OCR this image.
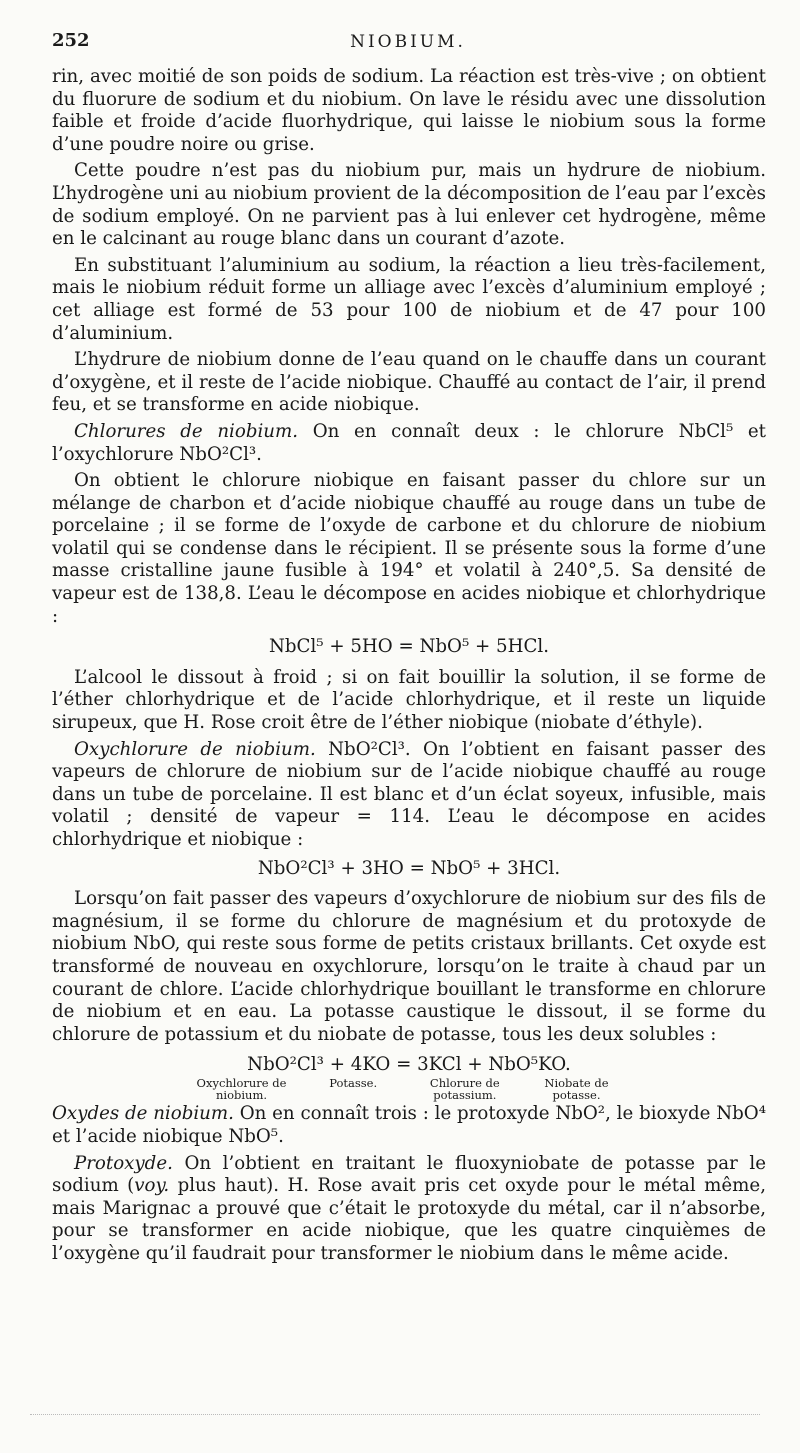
252	NIOBIUM.

rin, avec moitié de son poids de sodium. La réaction est très-vive ; on obtient du fluorure de sodium et du niobium. On lave le résidu avec une dissolution faible et froide d’acide fluorhydrique, qui laisse le niobium sous la forme d’une poudre noire ou grise.

Cette poudre n’est pas du niobium pur, mais un hydrure de niobium. L’hydrogène uni au niobium provient de la décomposition de l’eau par l’excès de sodium employé. On ne parvient pas à lui enlever cet hydrogène, même en le calcinant au rouge blanc dans un courant d’azote.

En substituant l’aluminium au sodium, la réaction a lieu très-facilement, mais le niobium réduit forme un alliage avec l’excès d’aluminium employé ; cet alliage est formé de 53 pour 100 de niobium et de 47 pour 100 d’aluminium.

L’hydrure de niobium donne de l’eau quand on le chauffe dans un courant d’oxygène, et il reste de l’acide niobique. Chauffé au contact de l’air, il prend feu, et se transforme en acide niobique.

Chlorures de niobium. On en connaît deux : le chlorure NbCl⁵ et l’oxychlorure NbO²Cl³.

On obtient le chlorure niobique en faisant passer du chlore sur un mélange de charbon et d’acide niobique chauffé au rouge dans un tube de porcelaine ; il se forme de l’oxyde de carbone et du chlorure de niobium volatil qui se condense dans le récipient. Il se présente sous la forme d’une masse cristalline jaune fusible à 194° et volatil à 240°,5. Sa densité de vapeur est de 138,8. L’eau le décompose en acides niobique et chlorhydrique :

NbCl⁵ + 5HO = NbO⁵ + 5HCl.

L’alcool le dissout à froid ; si on fait bouillir la solution, il se forme de l’éther chlorhydrique et de l’acide chlorhydrique, et il reste un liquide sirupeux, que H. Rose croit être de l’éther niobique (niobate d’éthyle).

Oxychlorure de niobium. NbO²Cl³. On l’obtient en faisant passer des vapeurs de chlorure de niobium sur de l’acide niobique chauffé au rouge dans un tube de porcelaine. Il est blanc et d’un éclat soyeux, infusible, mais volatil ; densité de vapeur = 114. L’eau le décompose en acides chlorhydrique et niobique :

NbO²Cl³ + 3HO = NbO⁵ + 3HCl.

Lorsqu’on fait passer des vapeurs d’oxychlorure de niobium sur des fils de magnésium, il se forme du chlorure de magnésium et du protoxyde de niobium NbO, qui reste sous forme de petits cristaux brillants. Cet oxyde est transformé de nouveau en oxychlorure, lorsqu’on le traite à chaud par un courant de chlore. L’acide chlorhydrique bouillant le transforme en chlorure de niobium et en eau. La potasse caustique le dissout, il se forme du chlorure de potassium et du niobate de potasse, tous les deux solubles :

NbO²Cl³ + 4KO = 3KCl + NbO⁵KO.
Oxychlorure de niobium.
Potasse.	Chlorure de potassium.
Niobate de potasse.

Oxydes de niobium. On en connaît trois : le protoxyde NbO², le bioxyde NbO⁴ et l’acide niobique NbO⁵.

Protoxyde. On l’obtient en traitant le fluoxyniobate de potasse par le sodium (voy. plus haut). H. Rose avait pris cet oxyde pour le métal même, mais Marignac a prouvé que c’était le protoxyde du métal, car il n’absorbe, pour se transformer en acide niobique, que les quatre cinquièmes de l’oxygène qu’il faudrait pour transformer le niobium dans le même acide.
